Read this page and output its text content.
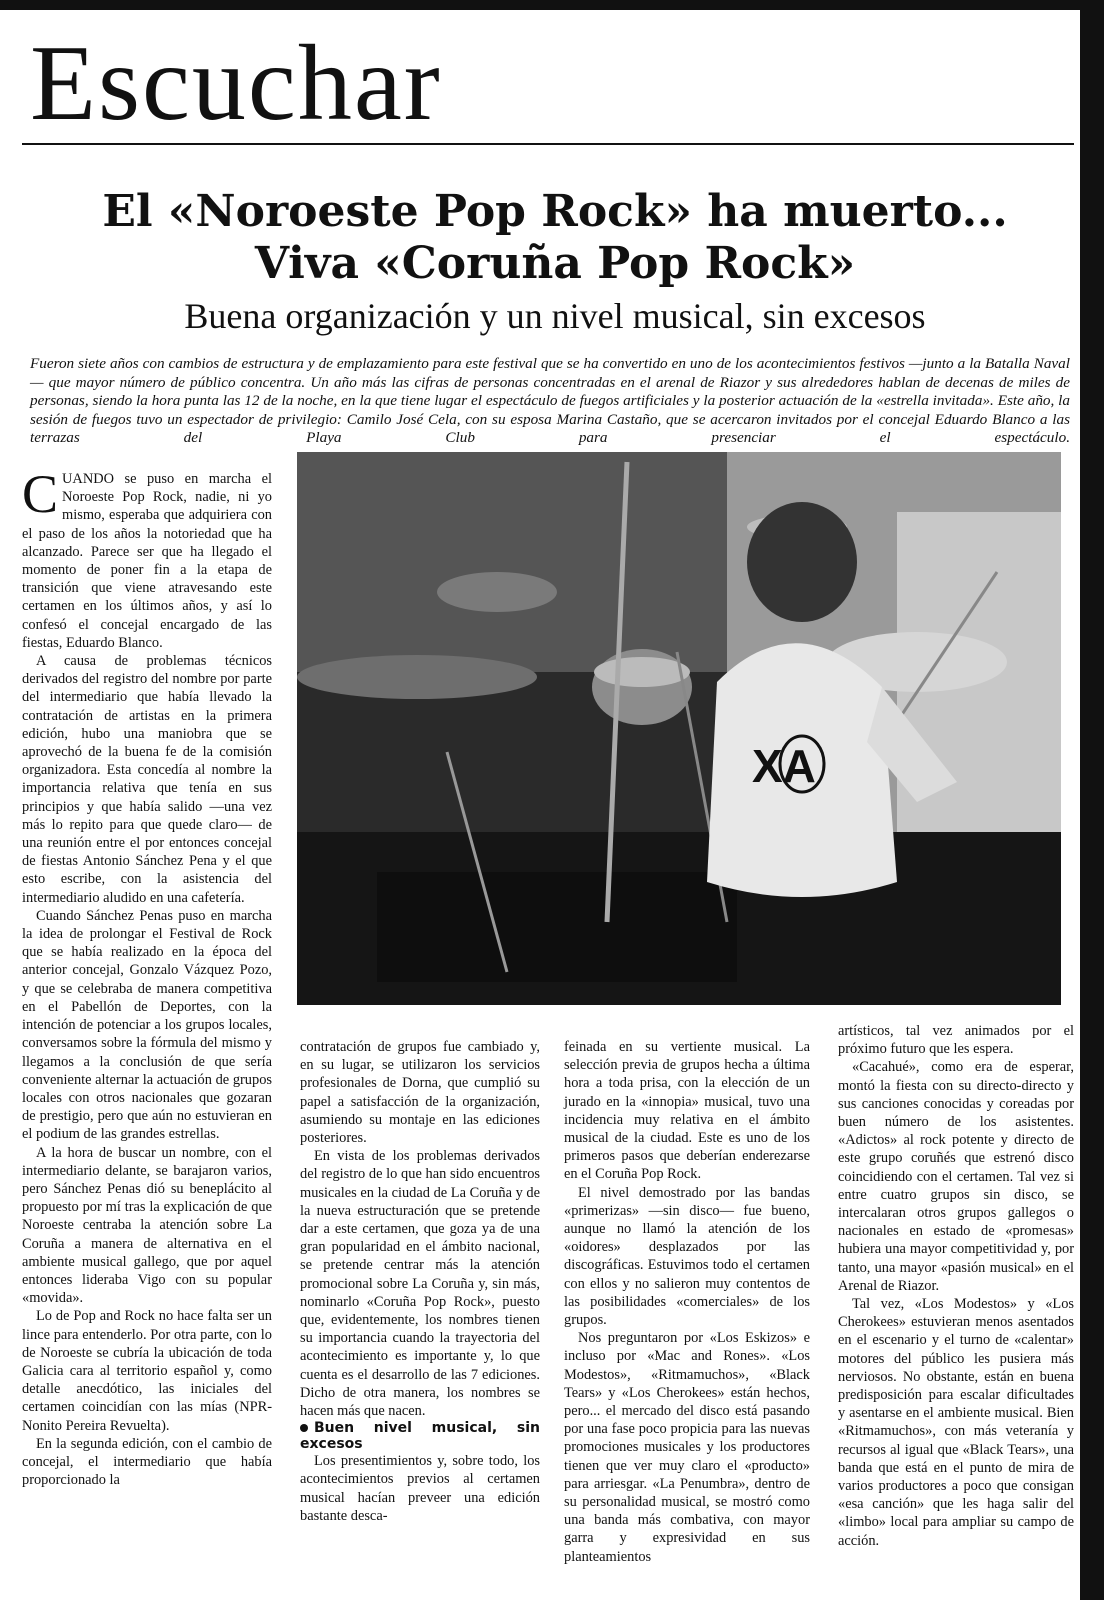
Escuchar
El «Noroeste Pop Rock» ha muerto...
Viva «Coruña Pop Rock»
Buena organización y un nivel musical, sin excesos
Fueron siete años con cambios de estructura y de emplazamiento para este festival que se ha convertido en uno de los acontecimientos festivos —junto a la Batalla Naval— que mayor número de público concentra. Un año más las cifras de personas concentradas en el arenal de Riazor y sus alrededores hablan de decenas de miles de personas, siendo la hora punta las 12 de la noche, en la que tiene lugar el espectáculo de fuegos artificiales y la posterior actuación de la «estrella invitada». Este año, la sesión de fuegos tuvo un espectador de privilegio: Camilo José Cela, con su esposa Marina Castaño, que se acercaron invitados por el concejal Eduardo Blanco a las terrazas del Playa Club para presenciar el espectáculo.
XA

CUANDO se puso en marcha el Noroeste Pop Rock, nadie, ni yo mismo, esperaba que adquiriera con el paso de los años la notoriedad que ha alcanzado. Parece ser que ha llegado el momento de poner fin a la etapa de transición que viene atravesando este certamen en los últimos años, y así lo confesó el concejal encargado de las fiestas, Eduardo Blanco.

A causa de problemas técnicos derivados del registro del nombre por parte del intermediario que había llevado la contratación de artistas en la primera edición, hubo una maniobra que se aprovechó de la buena fe de la comisión organizadora. Esta concedía al nombre la importancia relativa que tenía en sus principios y que había salido —una vez más lo repito para que quede claro— de una reunión entre el por entonces concejal de fiestas Antonio Sánchez Pena y el que esto escribe, con la asistencia del intermediario aludido en una cafetería.

Cuando Sánchez Penas puso en marcha la idea de prolongar el Festival de Rock que se había realizado en la época del anterior concejal, Gonzalo Vázquez Pozo, y que se celebraba de manera competitiva en el Pabellón de Deportes, con la intención de potenciar a los grupos locales, conversamos sobre la fórmula del mismo y llegamos a la conclusión de que sería conveniente alternar la actuación de grupos locales con otros nacionales que gozaran de prestigio, pero que aún no estuvieran en el podium de las grandes estrellas.

A la hora de buscar un nombre, con el intermediario delante, se barajaron varios, pero Sánchez Penas dió su beneplácito al propuesto por mí tras la explicación de que Noroeste centraba la atención sobre La Coruña a manera de alternativa en el ambiente musical gallego, que por aquel entonces lideraba Vigo con su popular «movida».

Lo de Pop and Rock no hace falta ser un lince para entenderlo. Por otra parte, con lo de Noroeste se cubría la ubicación de toda Galicia cara al territorio español y, como detalle anecdótico, las iniciales del certamen coincidían con las mías (NPR-Nonito Pereira Revuelta).

En la segunda edición, con el cambio de concejal, el intermediario que había proporcionado la

contratación de grupos fue cambiado y, en su lugar, se utilizaron los servicios profesionales de Dorna, que cumplió su papel a satisfacción de la organización, asumiendo su montaje en las ediciones posteriores.

En vista de los problemas derivados del registro de lo que han sido encuentros musicales en la ciudad de La Coruña y de la nueva estructuración que se pretende dar a este certamen, que goza ya de una gran popularidad en el ámbito nacional, se pretende centrar más la atención promocional sobre La Coruña y, sin más, nominarlo «Coruña Pop Rock», puesto que, evidentemente, los nombres tienen su importancia cuando la trayectoria del acontecimiento es importante y, lo que cuenta es el desarrollo de las 7 ediciones. Dicho de otra manera, los nombres se hacen más que nacen.

Buen nivel musical, sin excesos

Los presentimientos y, sobre todo, los acontecimientos previos al certamen musical hacían preveer una edición bastante desca-

feinada en su vertiente musical. La selección previa de grupos hecha a última hora a toda prisa, con la elección de un jurado en la «innopia» musical, tuvo una incidencia muy relativa en el ámbito musical de la ciudad. Este es uno de los primeros pasos que deberían enderezarse en el Coruña Pop Rock.

El nivel demostrado por las bandas «primerizas» —sin disco— fue bueno, aunque no llamó la atención de los «oidores» desplazados por las discográficas. Estuvimos todo el certamen con ellos y no salieron muy contentos de las posibilidades «comerciales» de los grupos.

Nos preguntaron por «Los Eskizos» e incluso por «Mac and Rones». «Los Modestos», «Ritmamuchos», «Black Tears» y «Los Cherokees» están hechos, pero... el mercado del disco está pasando por una fase poco propicia para las nuevas promociones musicales y los productores tienen que ver muy claro el «producto» para arriesgar. «La Penumbra», dentro de su personalidad musical, se mostró como una banda más combativa, con mayor garra y expresividad en sus planteamientos

artísticos, tal vez animados por el próximo futuro que les espera.

«Cacahué», como era de esperar, montó la fiesta con su directo-directo y sus canciones conocidas y coreadas por buen número de los asistentes. «Adictos» al rock potente y directo de este grupo coruñés que estrenó disco coincidiendo con el certamen. Tal vez si entre cuatro grupos sin disco, se intercalaran otros grupos gallegos o nacionales en estado de «promesas» hubiera una mayor competitividad y, por tanto, una mayor «pasión musical» en el Arenal de Riazor.

Tal vez, «Los Modestos» y «Los Cherokees» estuvieran menos asentados en el escenario y el turno de «calentar» motores del público les pusiera más nerviosos. No obstante, están en buena predisposición para escalar dificultades y asentarse en el ambiente musical. Bien «Ritmamuchos», con más veteranía y recursos al igual que «Black Tears», una banda que está en el punto de mira de varios productores a poco que consigan «esa canción» que les haga salir del «limbo» local para ampliar su campo de acción.
